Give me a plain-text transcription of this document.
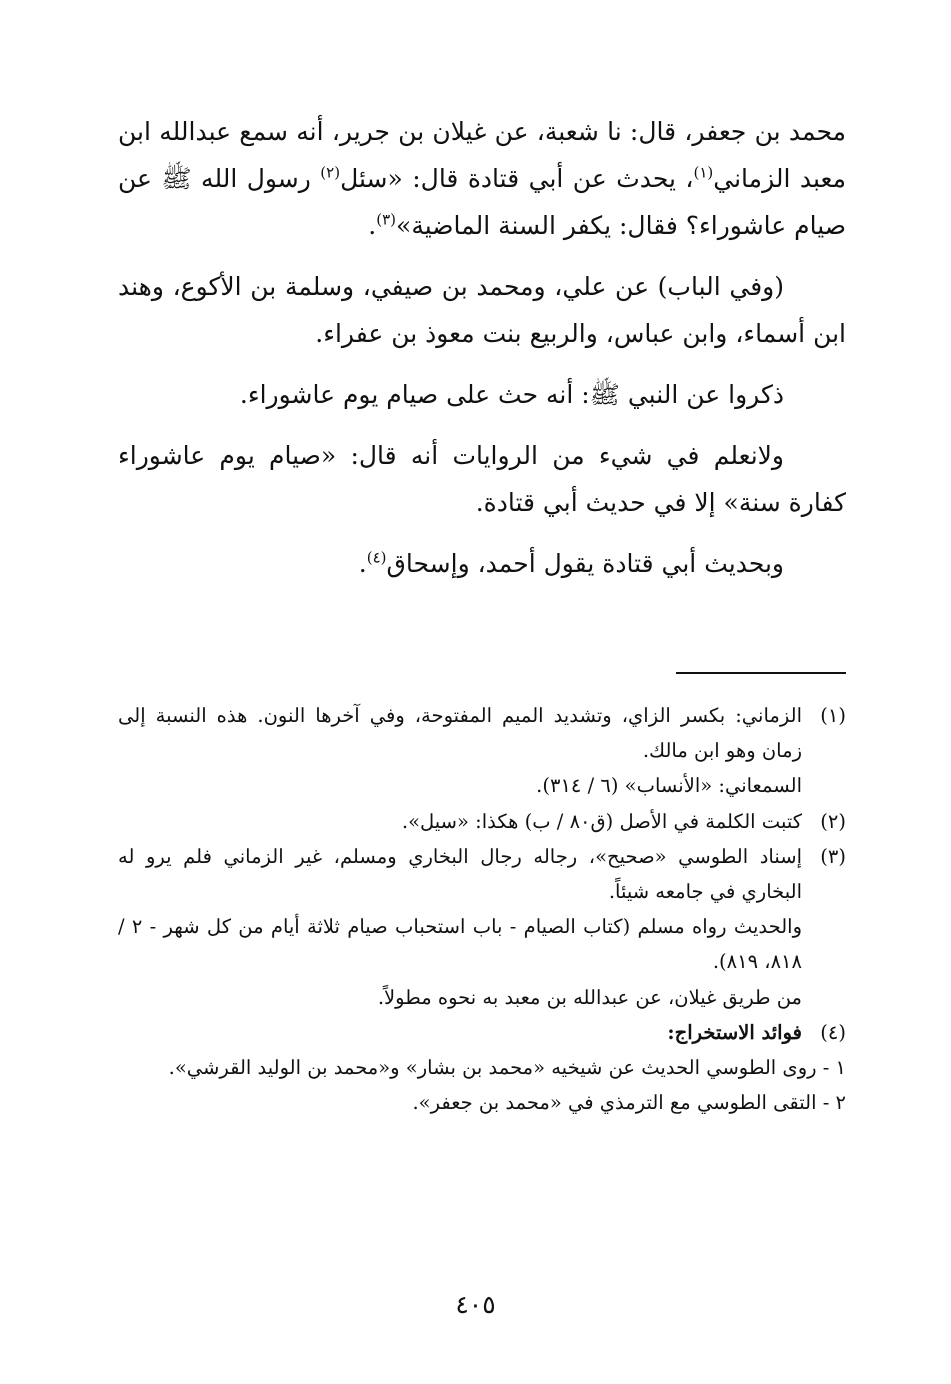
محمد بن جعفر، قال: نا شعبة، عن غيلان بن جرير، أنه سمع عبدالله ابن معبد الزماني$^{(١)}$، يحدث عن أبي قتادة قال: «سئل$^{(٢)}$ رسول الله ﷺ عن صيام عاشوراء؟ فقال: يكفر السنة الماضية»$^{(٣)}$.

(وفي الباب) عن علي، ومحمد بن صيفي، وسلمة بن الأكوع، وهند ابن أسماء، وابن عباس، والربيع بنت معوذ بن عفراء.

ذكروا عن النبي ﷺ: أنه حث على صيام يوم عاشوراء.

ولانعلم في شيء من الروايات أنه قال: «صيام يوم عاشوراء كفارة سنة» إلا في حديث أبي قتادة.

وبحديث أبي قتادة يقول أحمد، وإسحاق$^{(٤)}$.

(١)
الزماني: بكسر الزاي، وتشديد الميم المفتوحة، وفي آخرها النون. هذه النسبة إلى زمان وهو ابن مالك.
السمعاني: «الأنساب» (٦ / ٣١٤).
(٢)
كتبت الكلمة في الأصل (ق٨٠ / ب) هكذا: «سيل».
(٣)
إسناد الطوسي «صحيح»، رجاله رجال البخاري ومسلم، غير الزماني فلم يرو له البخاري في جامعه شيئاً.
والحديث رواه مسلم (كتاب الصيام - باب استحباب صيام ثلاثة أيام من كل شهر - ٢ / ٨١٨، ٨١٩).
من طريق غيلان، عن عبدالله بن معبد به نحوه مطولاً.
(٤)
فوائد الاستخراج:
١ - روى الطوسي الحديث عن شيخيه «محمد بن بشار» و«محمد بن الوليد القرشي».
٢ - التقى الطوسي مع الترمذي في «محمد بن جعفر».
٤٠٥
